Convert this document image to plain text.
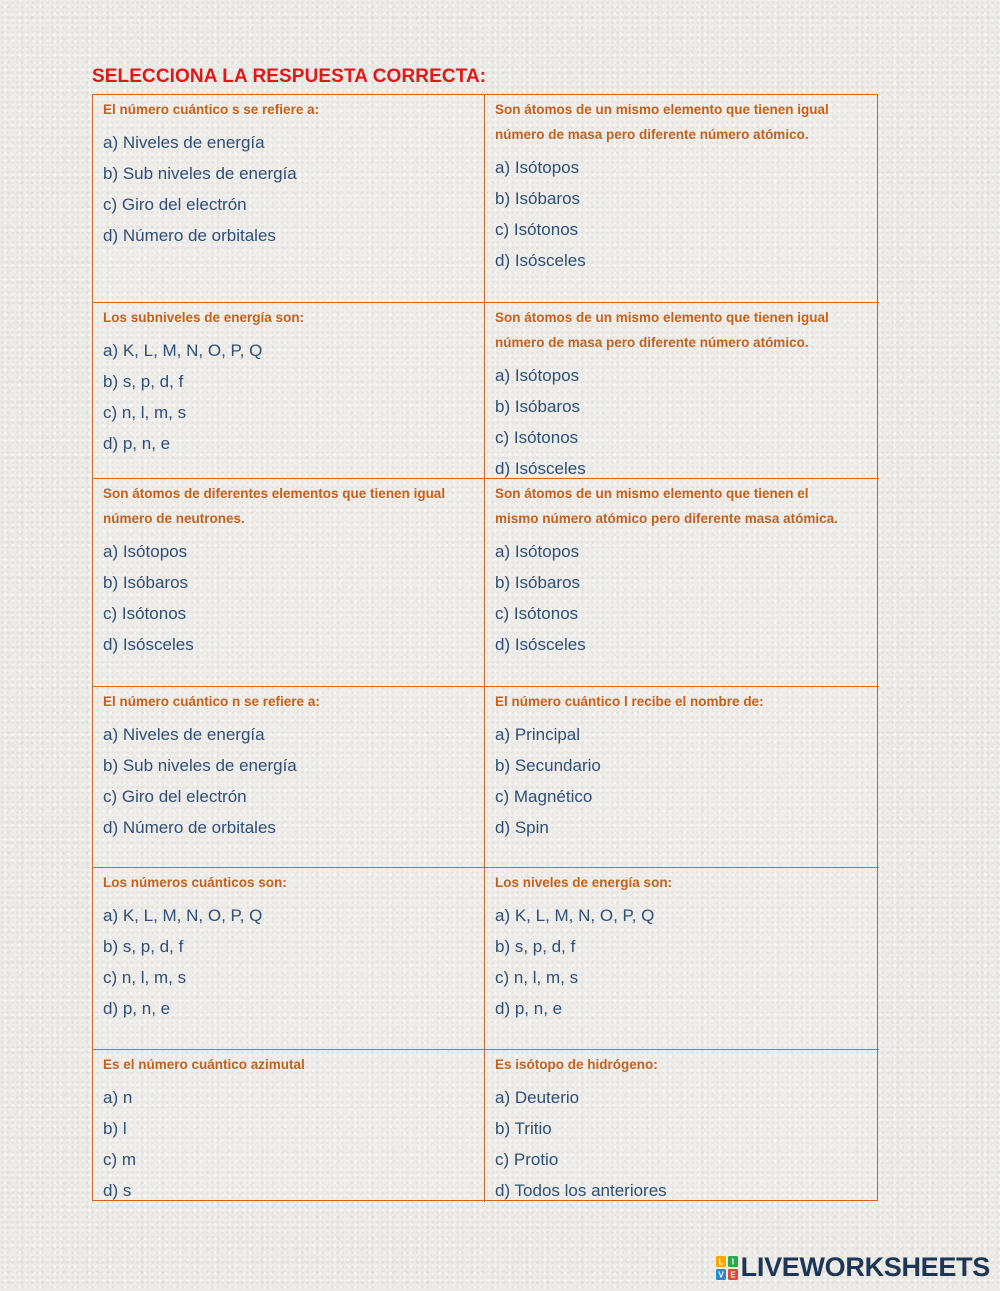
SELECCIONA LA RESPUESTA CORRECTA:

El número cuántico s se refiere a:

a) Niveles de energía
b) Sub niveles de energía
c) Giro del electrón
d) Número de orbitales

Son átomos de un mismo elemento que tienen igual
número de masa pero diferente número atómico.

a) Isótopos
b) Isóbaros
c) Isótonos
d) Isósceles

Los subniveles de energía son:

a) K, L, M, N, O, P, Q
b) s, p, d, f
c) n, l, m, s
d) p, n, e

Son átomos de un mismo elemento que tienen igual
número de masa pero diferente número atómico.

a) Isótopos
b) Isóbaros
c) Isótonos
d) Isósceles

Son átomos de diferentes elementos que tienen igual
número de neutrones.

a) Isótopos
b) Isóbaros
c) Isótonos
d) Isósceles

Son átomos de un mismo elemento que tienen el
mismo número atómico pero diferente masa atómica.

a) Isótopos
b) Isóbaros
c) Isótonos
d) Isósceles

El número cuántico n se refiere a:

a) Niveles de energía
b) Sub niveles de energía
c) Giro del electrón
d) Número de orbitales

El número cuántico l recibe el nombre de:

a) Principal
b) Secundario
c) Magnético
d) Spin

Los números cuánticos son:

a) K, L, M, N, O, P, Q
b) s, p, d, f
c) n, l, m, s
d) p, n, e

Los niveles de energía son:

a) K, L, M, N, O, P, Q
b) s, p, d, f
c) n, l, m, s
d) p, n, e

Es el número cuántico azimutal

a) n
b) l
c) m
d) s

Es isótopo de hidrógeno:

a) Deuterio
b) Tritio
c) Protio
d) Todos los anteriores
L I
V E LIVEWORKSHEETS
